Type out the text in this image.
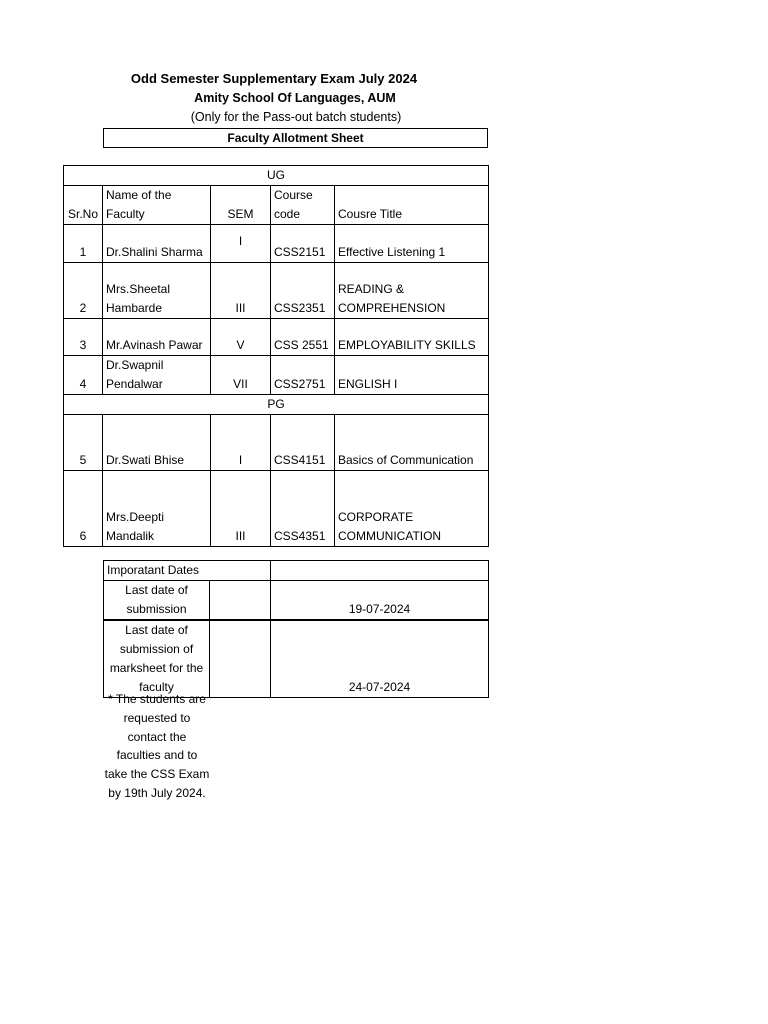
Odd Semester Supplementary Exam July 2024
Amity School Of Languages, AUM
(Only for the Pass-out batch students)
Faculty Allotment Sheet
UG				
Sr.No	Name of the Faculty	SEM	Course code	Cousre Title
1	Dr.Shalini Sharma	I	CSS2151	Effective Listening 1
2	Mrs.Sheetal Hambarde	III	CSS2351	READING & COMPREHENSION
3	Mr.Avinash Pawar	V	CSS 2551	EMPLOYABILITY SKILLS
4	Dr.Swapnil Pendalwar	VII	CSS2751	ENGLISH I
PG				
5	Dr.Swati Bhise	I	CSS4151	Basics of Communication
6	Mrs.Deepti Mandalik	III	CSS4351	CORPORATE COMMUNICATION
Imporatant Dates		
Last date of submission		19-07-2024
Last date of submission of marksheet for the faculty		24-07-2024
* The students are requested to contact the faculties and to take the CSS Exam by 19th July 2024.
